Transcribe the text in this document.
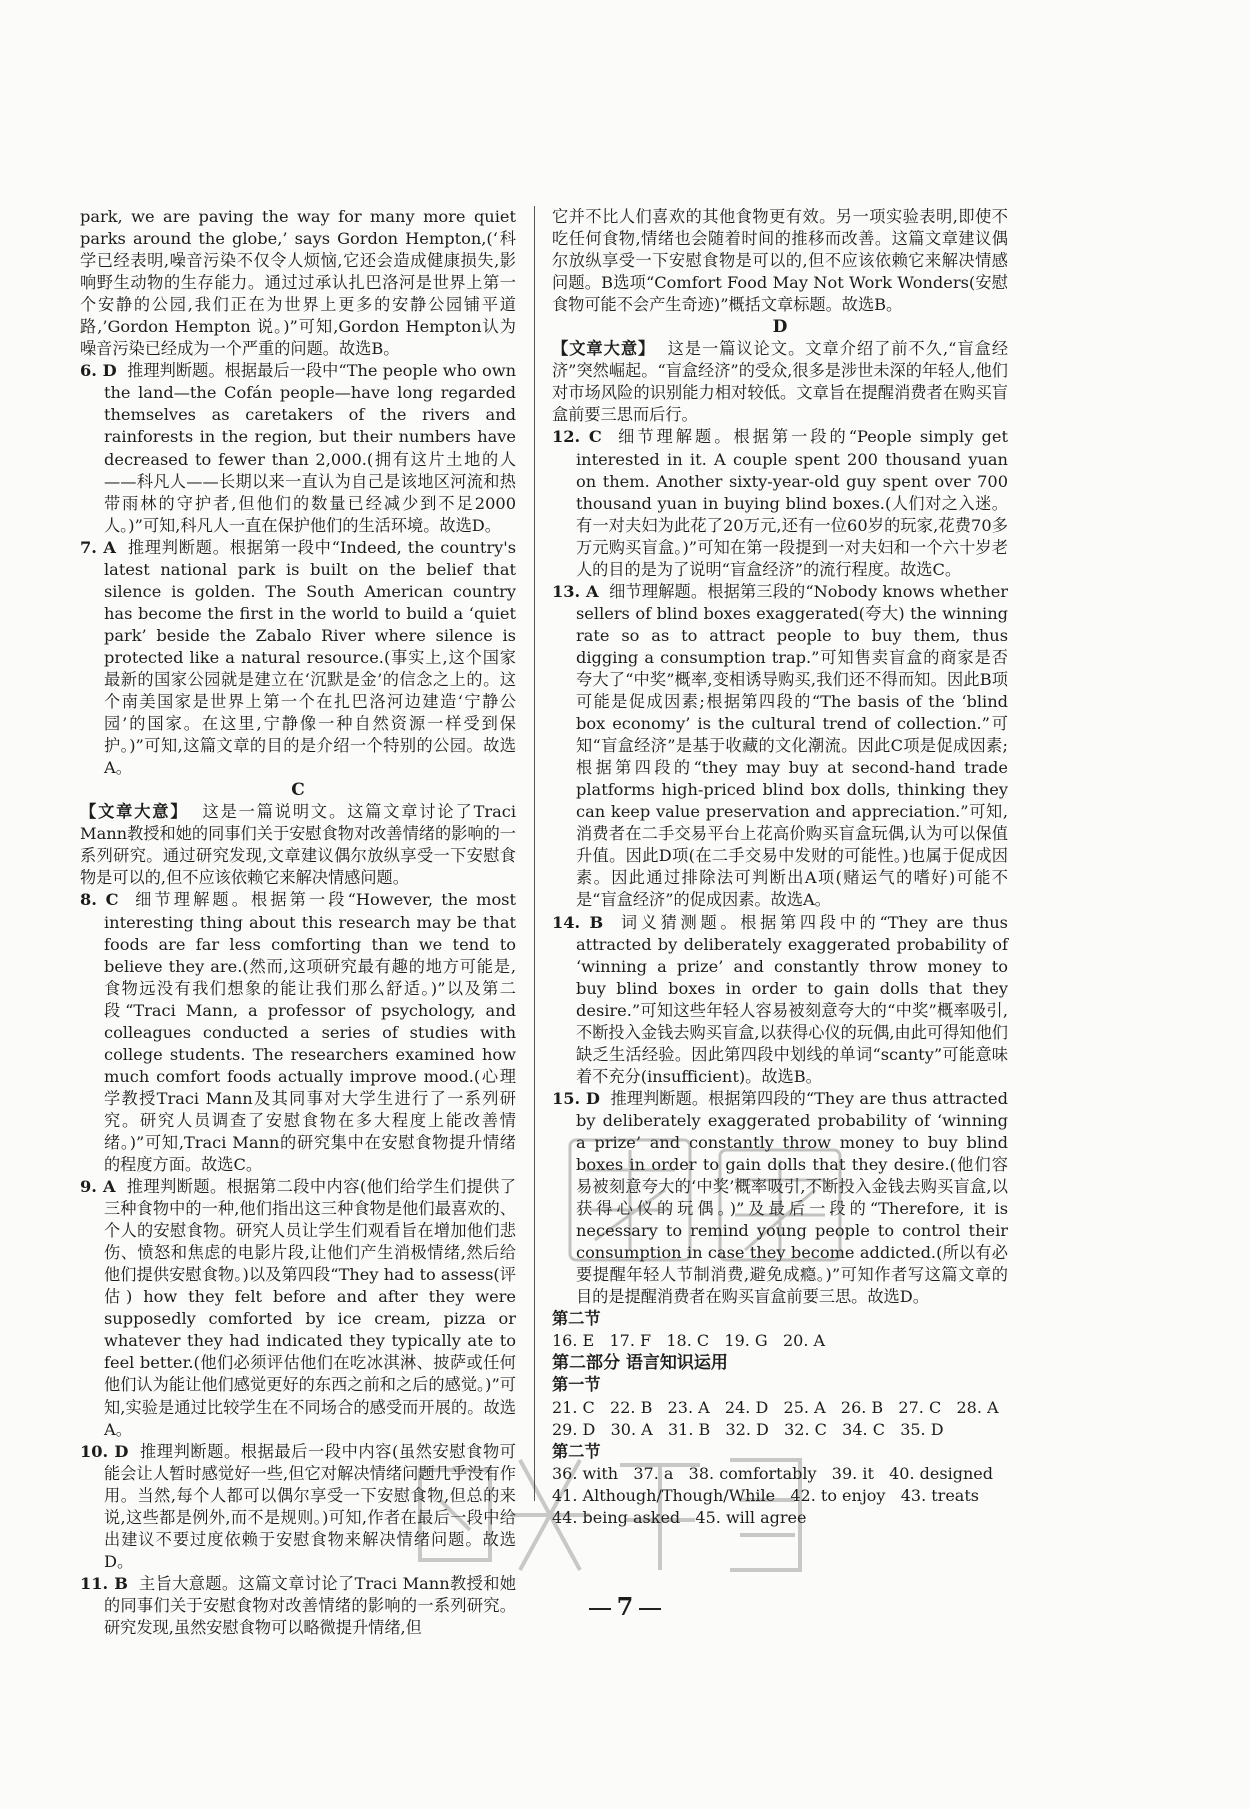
park, we are paving the way for many more quiet parks around the globe,’ says Gordon Hempton,(‘科学已经表明,噪音污染不仅令人烦恼,它还会造成健康损失,影响野生动物的生存能力。通过过承认扎巴洛河是世界上第一个安静的公园,我们正在为世界上更多的安静公园铺平道路,’Gordon Hempton 说。)”可知,Gordon Hempton认为噪音污染已经成为一个严重的问题。故选B。

6. D 推理判断题。根据最后一段中“The people who own the land—the Cofán people—have long regarded themselves as caretakers of the rivers and rainforests in the region, but their numbers have decreased to fewer than 2,000.(拥有这片土地的人——科凡人——长期以来一直认为自己是该地区河流和热带雨林的守护者,但他们的数量已经减少到不足2000人。)”可知,科凡人一直在保护他们的生活环境。故选D。

7. A 推理判断题。根据第一段中“Indeed, the country's latest national park is built on the belief that silence is golden. The South American country has become the first in the world to build a ‘quiet park’ beside the Zabalo River where silence is protected like a natural resource.(事实上,这个国家最新的国家公园就是建立在‘沉默是金’的信念之上的。这个南美国家是世界上第一个在扎巴洛河边建造‘宁静公园’的国家。在这里,宁静像一种自然资源一样受到保护。)”可知,这篇文章的目的是介绍一个特别的公园。故选A。

C

【文章大意】 这是一篇说明文。这篇文章讨论了Traci Mann教授和她的同事们关于安慰食物对改善情绪的影响的一系列研究。通过研究发现,文章建议偶尔放纵享受一下安慰食物是可以的,但不应该依赖它来解决情感问题。

8. C 细节理解题。根据第一段“However, the most interesting thing about this research may be that foods are far less comforting than we tend to believe they are.(然而,这项研究最有趣的地方可能是,食物远没有我们想象的能让我们那么舒适。)”以及第二段“Traci Mann, a professor of psychology, and colleagues conducted a series of studies with college students. The researchers examined how much comfort foods actually improve mood.(心理学教授Traci Mann及其同事对大学生进行了一系列研究。研究人员调查了安慰食物在多大程度上能改善情绪。)”可知,Traci Mann的研究集中在安慰食物提升情绪的程度方面。故选C。

9. A 推理判断题。根据第二段中内容(他们给学生们提供了三种食物中的一种,他们指出这三种食物是他们最喜欢的、个人的安慰食物。研究人员让学生们观看旨在增加他们悲伤、愤怒和焦虑的电影片段,让他们产生消极情绪,然后给他们提供安慰食物。)以及第四段“They had to assess(评估) how they felt before and after they were supposedly comforted by ice cream, pizza or whatever they had indicated they typically ate to feel better.(他们必须评估他们在吃冰淇淋、披萨或任何他们认为能让他们感觉更好的东西之前和之后的感觉。)”可知,实验是通过比较学生在不同场合的感受而开展的。故选A。

10. D 推理判断题。根据最后一段中内容(虽然安慰食物可能会让人暂时感觉好一些,但它对解决情绪问题几乎没有作用。当然,每个人都可以偶尔享受一下安慰食物,但总的来说,这些都是例外,而不是规则。)可知,作者在最后一段中给出建议不要过度依赖于安慰食物来解决情绪问题。故选D。

11. B 主旨大意题。这篇文章讨论了Traci Mann教授和她的同事们关于安慰食物对改善情绪的影响的一系列研究。研究发现,虽然安慰食物可以略微提升情绪,但

它并不比人们喜欢的其他食物更有效。另一项实验表明,即使不吃任何食物,情绪也会随着时间的推移而改善。这篇文章建议偶尔放纵享受一下安慰食物是可以的,但不应该依赖它来解决情感问题。B选项“Comfort Food May Not Work Wonders(安慰食物可能不会产生奇迹)”概括文章标题。故选B。

D

【文章大意】 这是一篇议论文。文章介绍了前不久,“盲盒经济”突然崛起。“盲盒经济”的受众,很多是涉世未深的年轻人,他们对市场风险的识别能力相对较低。文章旨在提醒消费者在购买盲盒前要三思而后行。

12. C 细节理解题。根据第一段的“People simply get interested in it. A couple spent 200 thousand yuan on them. Another sixty-year-old guy spent over 700 thousand yuan in buying blind boxes.(人们对之入迷。有一对夫妇为此花了20万元,还有一位60岁的玩家,花费70多万元购买盲盒。)”可知在第一段提到一对夫妇和一个六十岁老人的目的是为了说明“盲盒经济”的流行程度。故选C。

13. A 细节理解题。根据第三段的“Nobody knows whether sellers of blind boxes exaggerated(夸大) the winning rate so as to attract people to buy them, thus digging a consumption trap.”可知售卖盲盒的商家是否夸大了“中奖”概率,变相诱导购买,我们还不得而知。因此B项可能是促成因素;根据第四段的“The basis of the ‘blind box economy’ is the cultural trend of collection.”可知“盲盒经济”是基于收藏的文化潮流。因此C项是促成因素;根据第四段的“they may buy at second-hand trade platforms high-priced blind box dolls, thinking they can keep value preservation and appreciation.”可知,消费者在二手交易平台上花高价购买盲盒玩偶,认为可以保值升值。因此D项(在二手交易中发财的可能性。)也属于促成因素。因此通过排除法可判断出A项(赌运气的嗜好)可能不是“盲盒经济”的促成因素。故选A。

14. B 词义猜测题。根据第四段中的“They are thus attracted by deliberately exaggerated probability of ‘winning a prize’ and constantly throw money to buy blind boxes in order to gain dolls that they desire.”可知这些年轻人容易被刻意夸大的“中奖”概率吸引,不断投入金钱去购买盲盒,以获得心仪的玩偶,由此可得知他们缺乏生活经验。因此第四段中划线的单词“scanty”可能意味着不充分(insufficient)。故选B。

15. D 推理判断题。根据第四段的“They are thus attracted by deliberately exaggerated probability of ‘winning a prize’ and constantly throw money to buy blind boxes in order to gain dolls that they desire.(他们容易被刻意夸大的‘中奖’概率吸引,不断投入金钱去购买盲盒,以获得心仪的玩偶。)”及最后一段的“Therefore, it is necessary to remind young people to control their consumption in case they become addicted.(所以有必要提醒年轻人节制消费,避免成瘾。)”可知作者写这篇文章的目的是提醒消费者在购买盲盒前要三思。故选D。

第二节

16. E   17. F   18. C   19. G   20. A

第二部分 语言知识运用

第一节

21. C   22. B   23. A   24. D   25. A   26. B   27. C   28. A

29. D   30. A   31. B   32. D   32. C   34. C   35. D

第二节

36. with   37. a   38. comfortably   39. it   40. designed

41. Although/Though/While   42. to enjoy   43. treats

44. being asked   45. will agree

7
